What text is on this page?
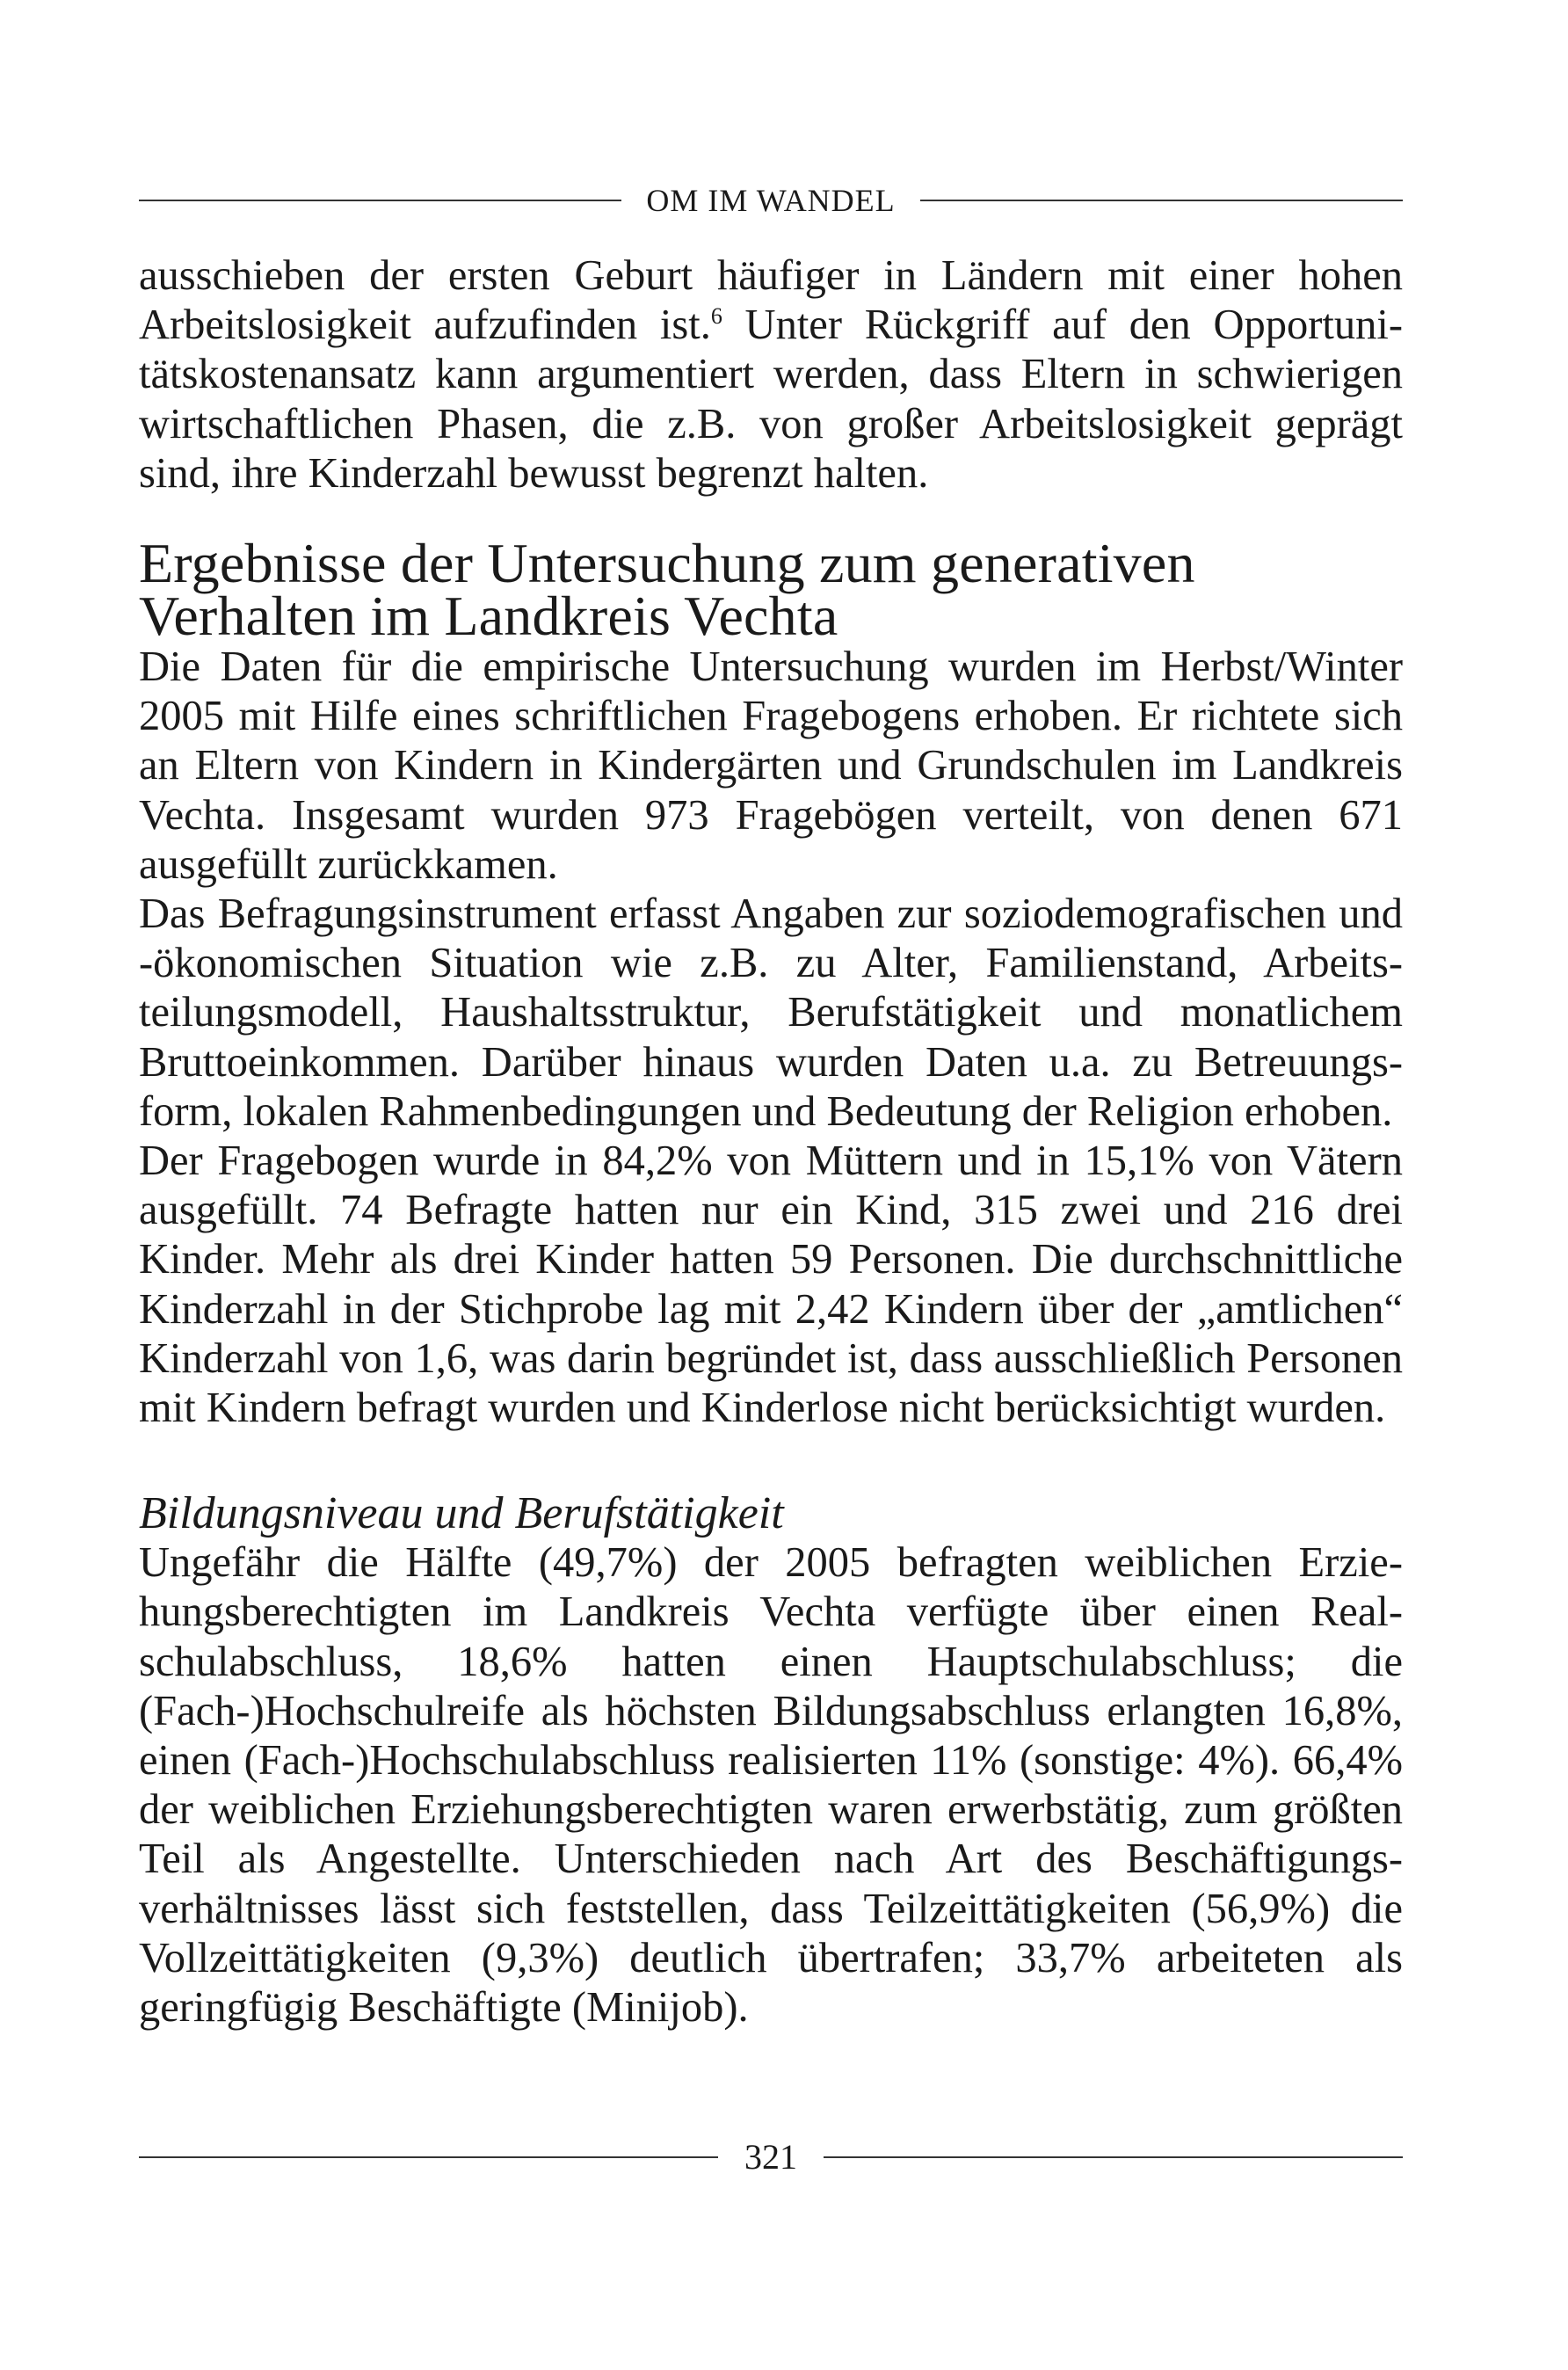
OM IM WANDEL

ausschieben der ersten Geburt häufiger in Ländern mit einer hohen Arbeitslosigkeit aufzufinden ist.$^6$ Unter Rückgriff auf den Opportunitätskostenansatz kann argumentiert werden, dass Eltern in schwierigen wirtschaftlichen Phasen, die z.B. von großer Arbeitslosigkeit geprägt sind, ihre Kinderzahl bewusst begrenzt halten.

Ergebnisse der Untersuchung zum generativen Verhalten im Landkreis Vechta

Die Daten für die empirische Untersuchung wurden im Herbst/Winter 2005 mit Hilfe eines schriftlichen Fragebogens erhoben. Er richtete sich an Eltern von Kindern in Kindergärten und Grundschulen im Landkreis Vechta. Insgesamt wurden 973 Fragebögen verteilt, von denen 671 ausgefüllt zurückkamen.

Das Befragungsinstrument erfasst Angaben zur soziodemografischen und -ökonomischen Situation wie z.B. zu Alter, Familienstand, Arbeitsteilungsmodell, Haushaltsstruktur, Berufstätigkeit und monatlichem Bruttoeinkommen. Darüber hinaus wurden Daten u.a. zu Betreuungsform, lokalen Rahmenbedingungen und Bedeutung der Religion erhoben.

Der Fragebogen wurde in 84,2% von Müttern und in 15,1% von Vätern ausgefüllt. 74 Befragte hatten nur ein Kind, 315 zwei und 216 drei Kinder. Mehr als drei Kinder hatten 59 Personen. Die durchschnittliche Kinderzahl in der Stichprobe lag mit 2,42 Kindern über der „amtlichen“ Kinderzahl von 1,6, was darin begründet ist, dass ausschließlich Personen mit Kindern befragt wurden und Kinderlose nicht berücksichtigt wurden.

Bildungsniveau und Berufstätigkeit

Ungefähr die Hälfte (49,7%) der 2005 befragten weiblichen Erziehungsberechtigten im Landkreis Vechta verfügte über einen Realschulabschluss, 18,6% hatten einen Hauptschulabschluss; die (Fach-)Hochschulreife als höchsten Bildungsabschluss erlangten 16,8%, einen (Fach-)Hochschulabschluss realisierten 11% (sonstige: 4%). 66,4% der weiblichen Erziehungsberechtigten waren erwerbstätig, zum größten Teil als Angestellte. Unterschieden nach Art des Beschäftigungsverhältnisses lässt sich feststellen, dass Teilzeittätigkeiten (56,9%) die Vollzeittätigkeiten (9,3%) deutlich übertrafen; 33,7% arbeiteten als geringfügig Beschäftigte (Minijob).

321
